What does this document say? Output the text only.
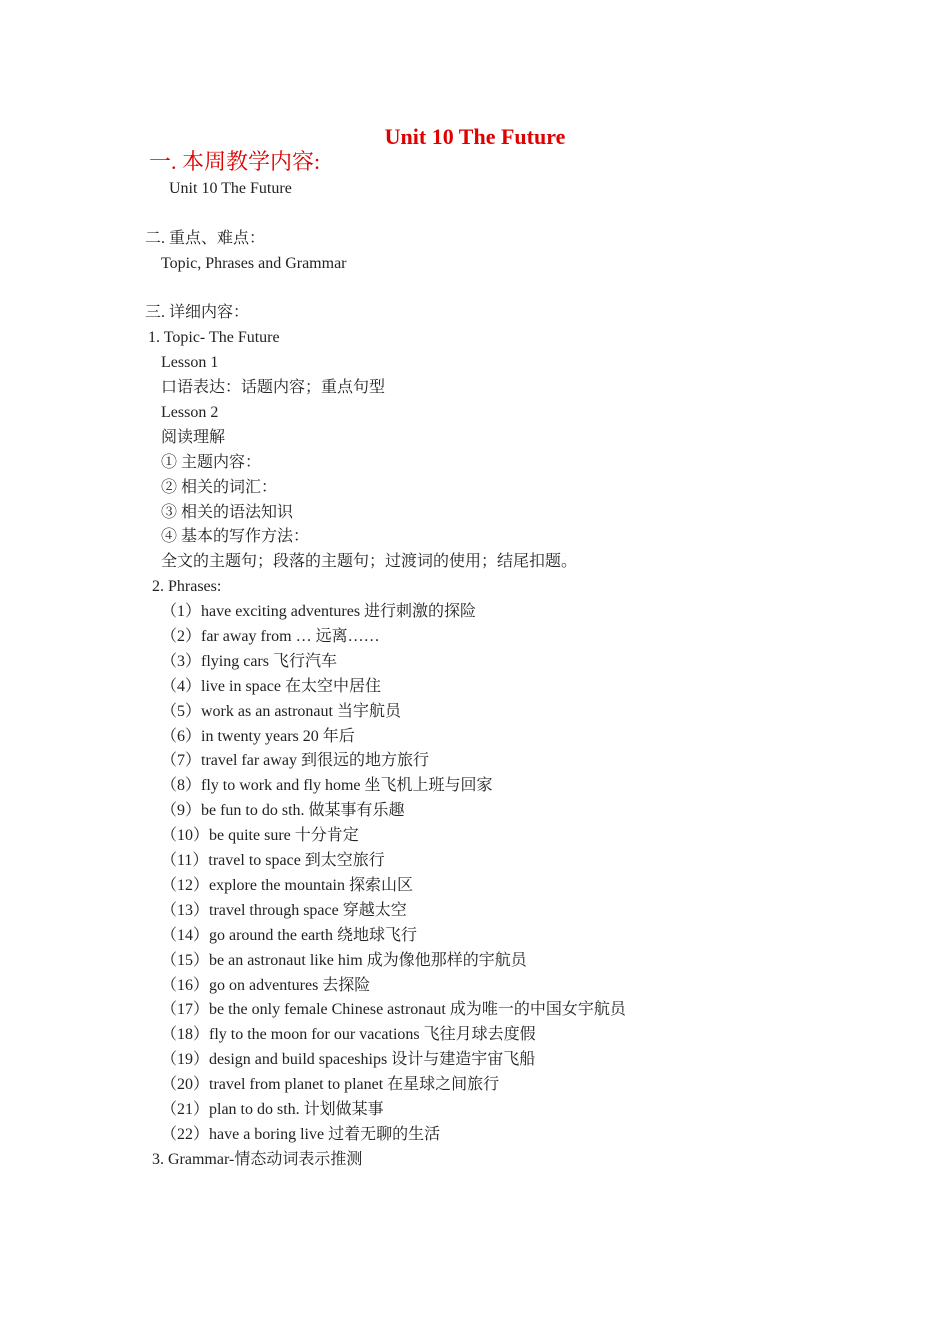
Unit 10 The Future
一. 本周教学内容:
Unit 10 The Future
二. 重点、难点：
Topic, Phrases and Grammar
三. 详细内容：
1. Topic- The Future
Lesson 1
口语表达：话题内容；重点句型
Lesson 2
阅读理解
① 主题内容：
② 相关的词汇：
③ 相关的语法知识
④ 基本的写作方法：
全文的主题句；段落的主题句；过渡词的使用；结尾扣题。
2. Phrases:
（1）have exciting adventures 进行刺激的探险
（2）far away from … 远离……
（3）flying cars 飞行汽车
（4）live in space 在太空中居住
（5）work as an astronaut 当宇航员
（6）in twenty years 20 年后
（7）travel far away 到很远的地方旅行
（8）fly to work and fly home 坐飞机上班与回家
（9）be fun to do sth. 做某事有乐趣
（10）be quite sure 十分肯定
（11）travel to space 到太空旅行
（12）explore the mountain 探索山区
（13）travel through space 穿越太空
（14）go around the earth 绕地球飞行
（15）be an astronaut like him 成为像他那样的宇航员
（16）go on adventures 去探险
（17）be the only female Chinese astronaut 成为唯一的中国女宇航员
（18）fly to the moon for our vacations 飞往月球去度假
（19）design and build spaceships 设计与建造宇宙飞船
（20）travel from planet to planet 在星球之间旅行
（21）plan to do sth. 计划做某事
（22）have a boring live 过着无聊的生活
3. Grammar-情态动词表示推测
